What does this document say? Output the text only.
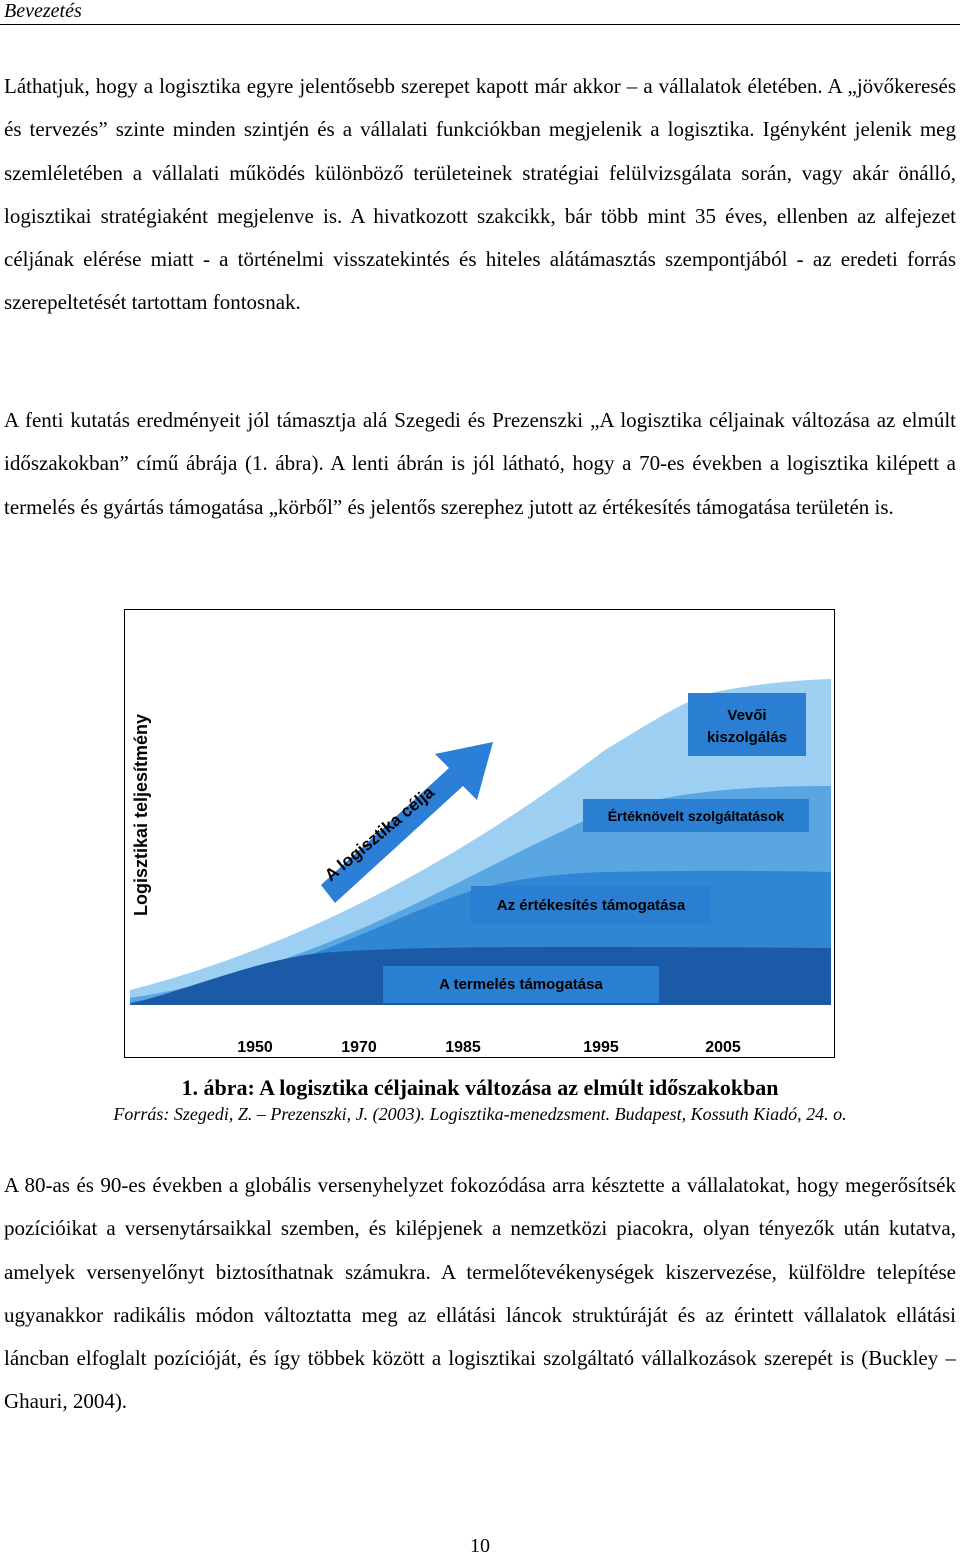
Bevezetés

Láthatjuk, hogy a logisztika egyre jelentősebb szerepet kapott már akkor – a vállalatok életében. A „jövőkeresés és tervezés” szinte minden szintjén és a vállalati funkciókban megjelenik a logisztika. Igényként jelenik meg szemléletében a vállalati működés különböző területeinek stratégiai felülvizsgálata során, vagy akár önálló, logisztikai stratégiaként megjelenve is. A hivatkozott szakcikk, bár több mint 35 éves, ellenben az alfejezet céljának elérése miatt - a történelmi visszatekintés és hiteles alátámasztás szempontjából - az eredeti forrás szerepeltetését tartottam fontosnak.

A fenti kutatás eredményeit jól támasztja alá Szegedi és Prezenszki „A logisztika céljainak változása az elmúlt időszakokban” című ábrája (1. ábra). A lenti ábrán is jól látható, hogy a 70-es években a logisztika kilépett a termelés és gyártás támogatása „körből” és jelentős szerephez jutott az értékesítés támogatása területén is.

Vevői
kiszolgálás
Értéknövelt szolgáltatások
Az értékesítés támogatása
A termelés támogatása
A logisztika célja
Logisztikai teljesítmény
1950	1970	1985	1995	2005
1. ábra: A logisztika céljainak változása az elmúlt időszakokban
Forrás: Szegedi, Z. – Prezenszki, J. (2003). Logisztika-menedzsment. Budapest, Kossuth Kiadó, 24. o.

A 80-as és 90-es években a globális versenyhelyzet fokozódása arra késztette a vállalatokat, hogy megerősítsék pozícióikat a versenytársaikkal szemben, és kilépjenek a nemzetközi piacokra, olyan tényezők után kutatva, amelyek versenyelőnyt biztosíthatnak számukra. A termelőtevékenységek kiszervezése, külföldre telepítése ugyanakkor radikális módon változtatta meg az ellátási láncok struktúráját és az érintett vállalatok ellátási láncban elfoglalt pozícióját, és így többek között a logisztikai szolgáltató vállalkozások szerepét is (Buckley – Ghauri, 2004).

10
